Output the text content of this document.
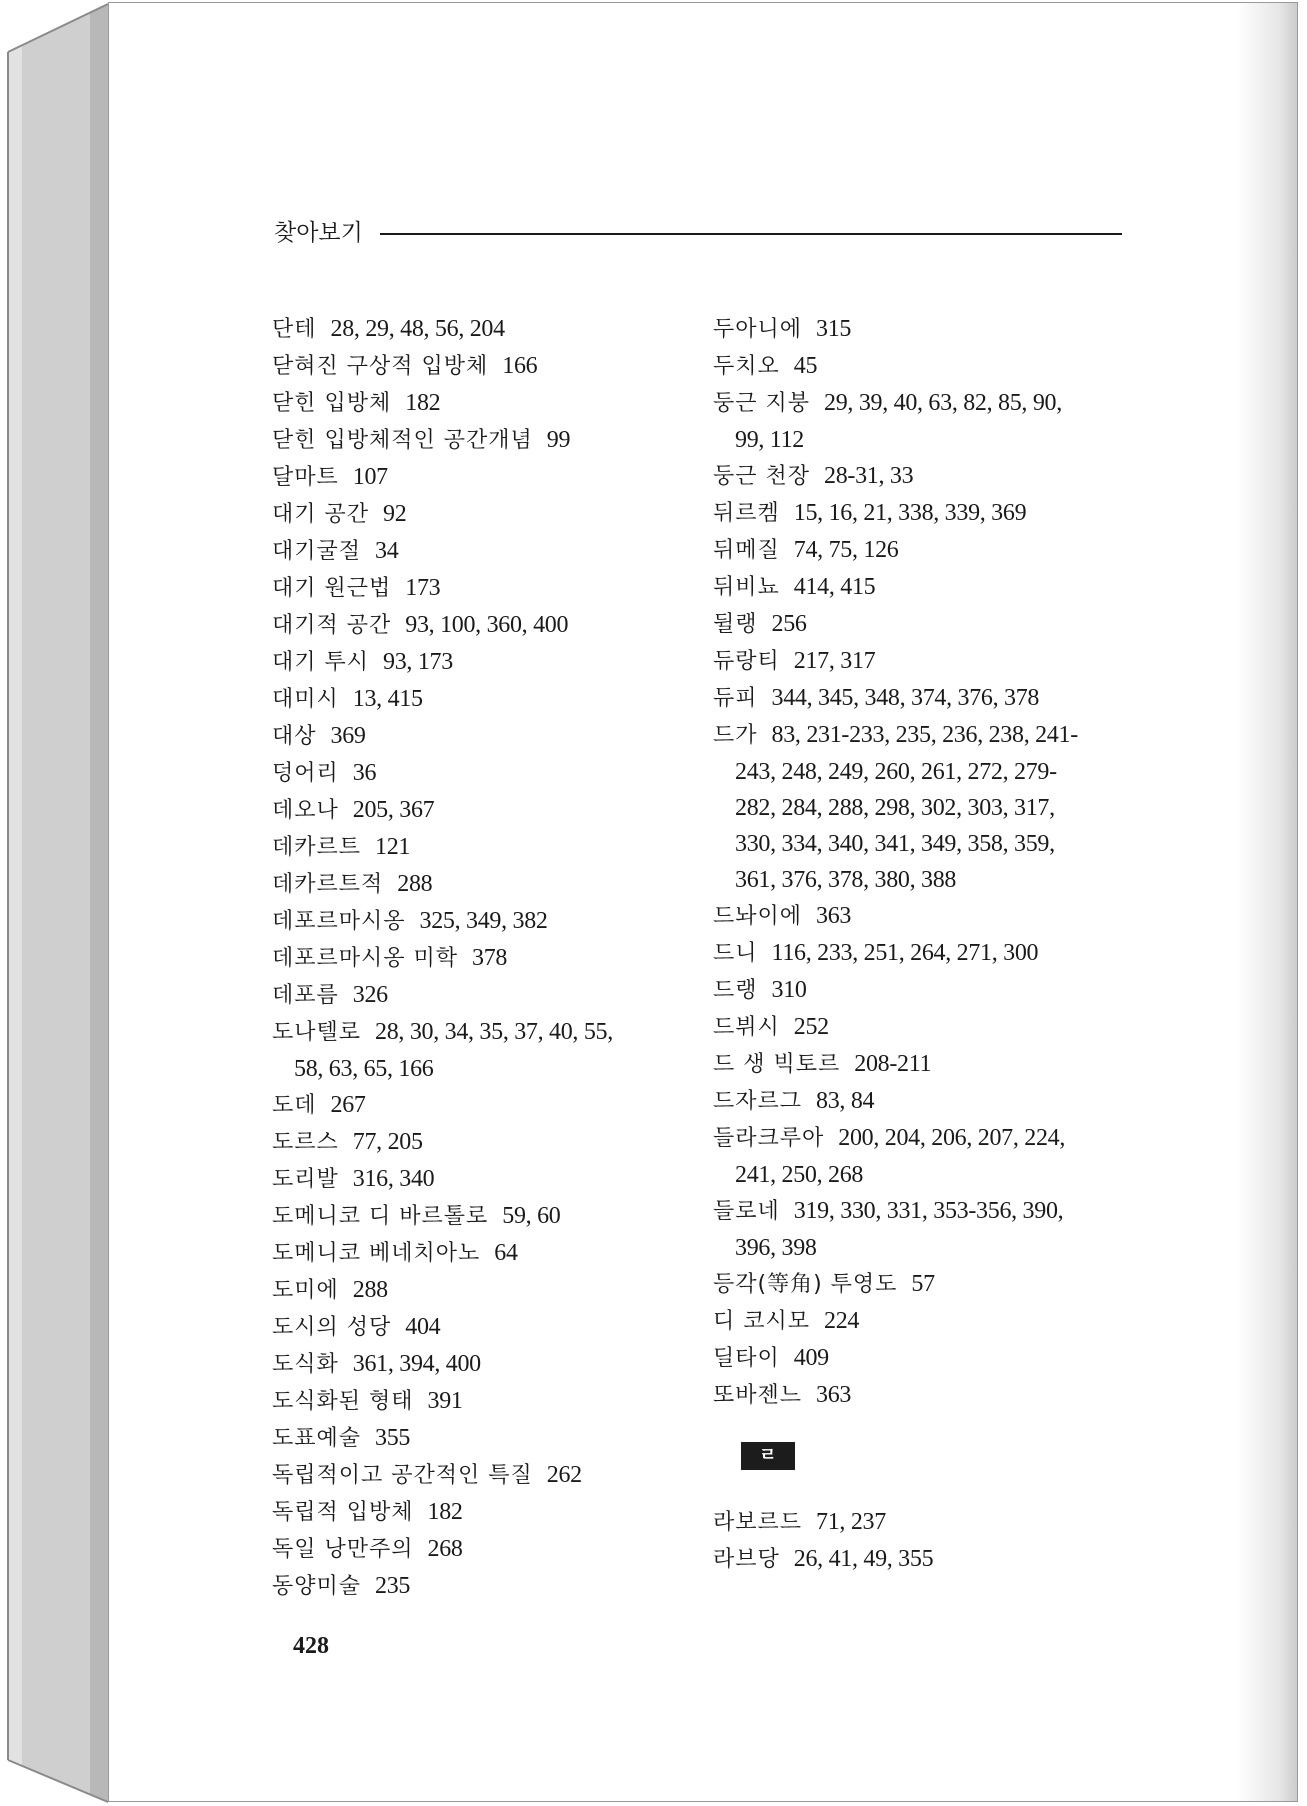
찾아보기
단테 28, 29, 48, 56, 204
닫혀진 구상적 입방체 166
닫힌 입방체 182
닫힌 입방체적인 공간개념 99
달마트 107
대기 공간 92
대기굴절 34
대기 원근법 173
대기적 공간 93, 100, 360, 400
대기 투시 93, 173
대미시 13, 415
대상 369
덩어리 36
데오나 205, 367
데카르트 121
데카르트적 288
데포르마시옹 325, 349, 382
데포르마시옹 미학 378
데포름 326
도나텔로 28, 30, 34, 35, 37, 40, 55,
58, 63, 65, 166
도데 267
도르스 77, 205
도리발 316, 340
도메니코 디 바르톨로 59, 60
도메니코 베네치아노 64
도미에 288
도시의 성당 404
도식화 361, 394, 400
도식화된 형태 391
도표예술 355
독립적이고 공간적인 특질 262
독립적 입방체 182
독일 낭만주의 268
동양미술 235
두아니에 315
두치오 45
둥근 지붕 29, 39, 40, 63, 82, 85, 90,
99, 112
둥근 천장 28-31, 33
뒤르켐 15, 16, 21, 338, 339, 369
뒤메질 74, 75, 126
뒤비뇨 414, 415
뒬랭 256
듀랑티 217, 317
듀피 344, 345, 348, 374, 376, 378
드가 83, 231-233, 235, 236, 238, 241-
243, 248, 249, 260, 261, 272, 279-
282, 284, 288, 298, 302, 303, 317,
330, 334, 340, 341, 349, 358, 359,
361, 376, 378, 380, 388
드놔이에 363
드니 116, 233, 251, 264, 271, 300
드랭 310
드뷔시 252
드 생 빅토르 208-211
드자르그 83, 84
들라크루아 200, 204, 206, 207, 224,
241, 250, 268
들로네 319, 330, 331, 353-356, 390,
396, 398
등각(等角) 투영도 57
디 코시모 224
딜타이 409
또바젠느 363
ㄹ
라보르드 71, 237
라브당 26, 41, 49, 355
428
